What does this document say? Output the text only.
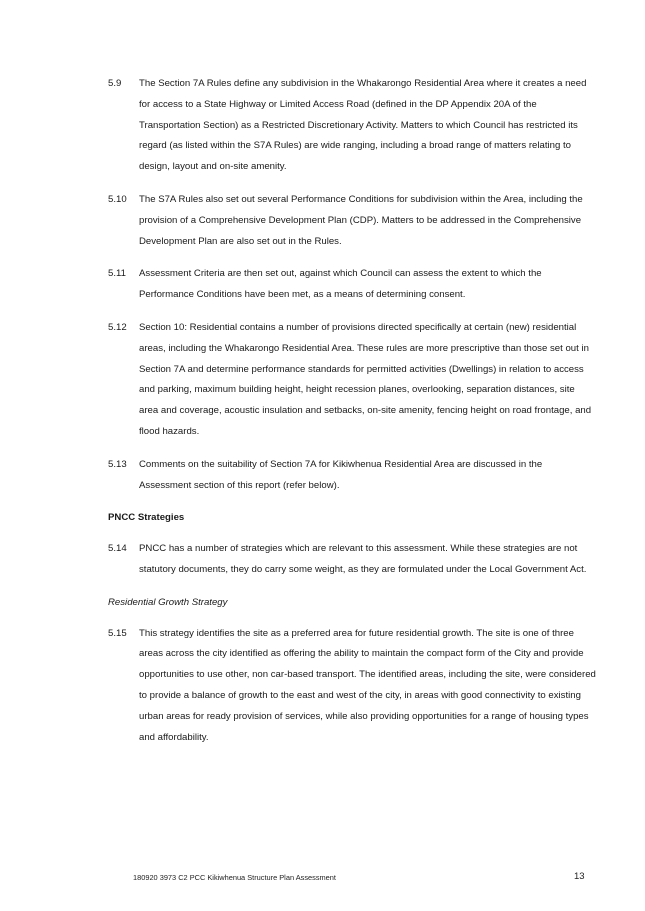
5.9 The Section 7A Rules define any subdivision in the Whakarongo Residential Area where it creates a need for access to a State Highway or Limited Access Road (defined in the DP Appendix 20A of the Transportation Section) as a Restricted Discretionary Activity. Matters to which Council has restricted its regard (as listed within the S7A Rules) are wide ranging, including a broad range of matters relating to design, layout and on-site amenity.
5.10 The S7A Rules also set out several Performance Conditions for subdivision within the Area, including the provision of a Comprehensive Development Plan (CDP). Matters to be addressed in the Comprehensive Development Plan are also set out in the Rules.
5.11 Assessment Criteria are then set out, against which Council can assess the extent to which the Performance Conditions have been met, as a means of determining consent.
5.12 Section 10: Residential contains a number of provisions directed specifically at certain (new) residential areas, including the Whakarongo Residential Area. These rules are more prescriptive than those set out in Section 7A and determine performance standards for permitted activities (Dwellings) in relation to access and parking, maximum building height, height recession planes, overlooking, separation distances, site area and coverage, acoustic insulation and setbacks, on-site amenity, fencing height on road frontage, and flood hazards.
5.13 Comments on the suitability of Section 7A for Kikiwhenua Residential Area are discussed in the Assessment section of this report (refer below).
PNCC Strategies
5.14 PNCC has a number of strategies which are relevant to this assessment. While these strategies are not statutory documents, they do carry some weight, as they are formulated under the Local Government Act.
Residential Growth Strategy
5.15 This strategy identifies the site as a preferred area for future residential growth. The site is one of three areas across the city identified as offering the ability to maintain the compact form of the City and provide opportunities to use other, non car-based transport. The identified areas, including the site, were considered to provide a balance of growth to the east and west of the city, in areas with good connectivity to existing urban areas for ready provision of services, while also providing opportunities for a range of housing types and affordability.
180920 3973 C2 PCC Kikiwhenua Structure Plan Assessment	13
